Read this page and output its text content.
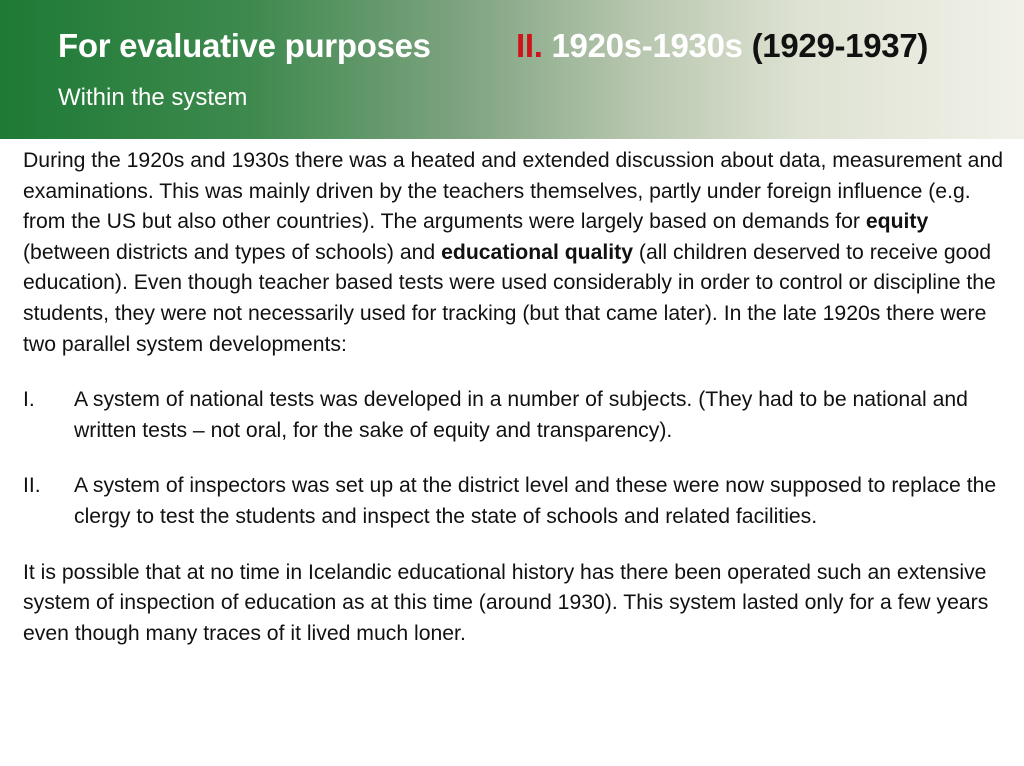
For evaluative purposes
Within the system
II. 1920s-1930s (1929-1937)

During the 1920s and 1930s there was a heated and extended discussion about data, measurement and examinations. This was mainly driven by the teachers themselves, partly under foreign influence (e.g. from the US but also other countries). The arguments were largely based on demands for equity (between districts and types of schools) and educational quality (all children deserved to receive good education). Even though teacher based tests were used considerably in order to control or discipline the students, they were not necessarily used for tracking (but that came later). In the late 1920s there were two parallel system developments:

I. A system of national tests was developed in a number of subjects. (They had to be national and written tests – not oral, for the sake of equity and transparency).

II. A system of inspectors was set up at the district level and these were now supposed to replace the clergy to test the students and inspect the state of schools and related facilities.

It is possible that at no time in Icelandic educational history has there been operated such an extensive system of inspection of education as at this time (around 1930). This system lasted only for a few years even though many traces of it lived much loner.
